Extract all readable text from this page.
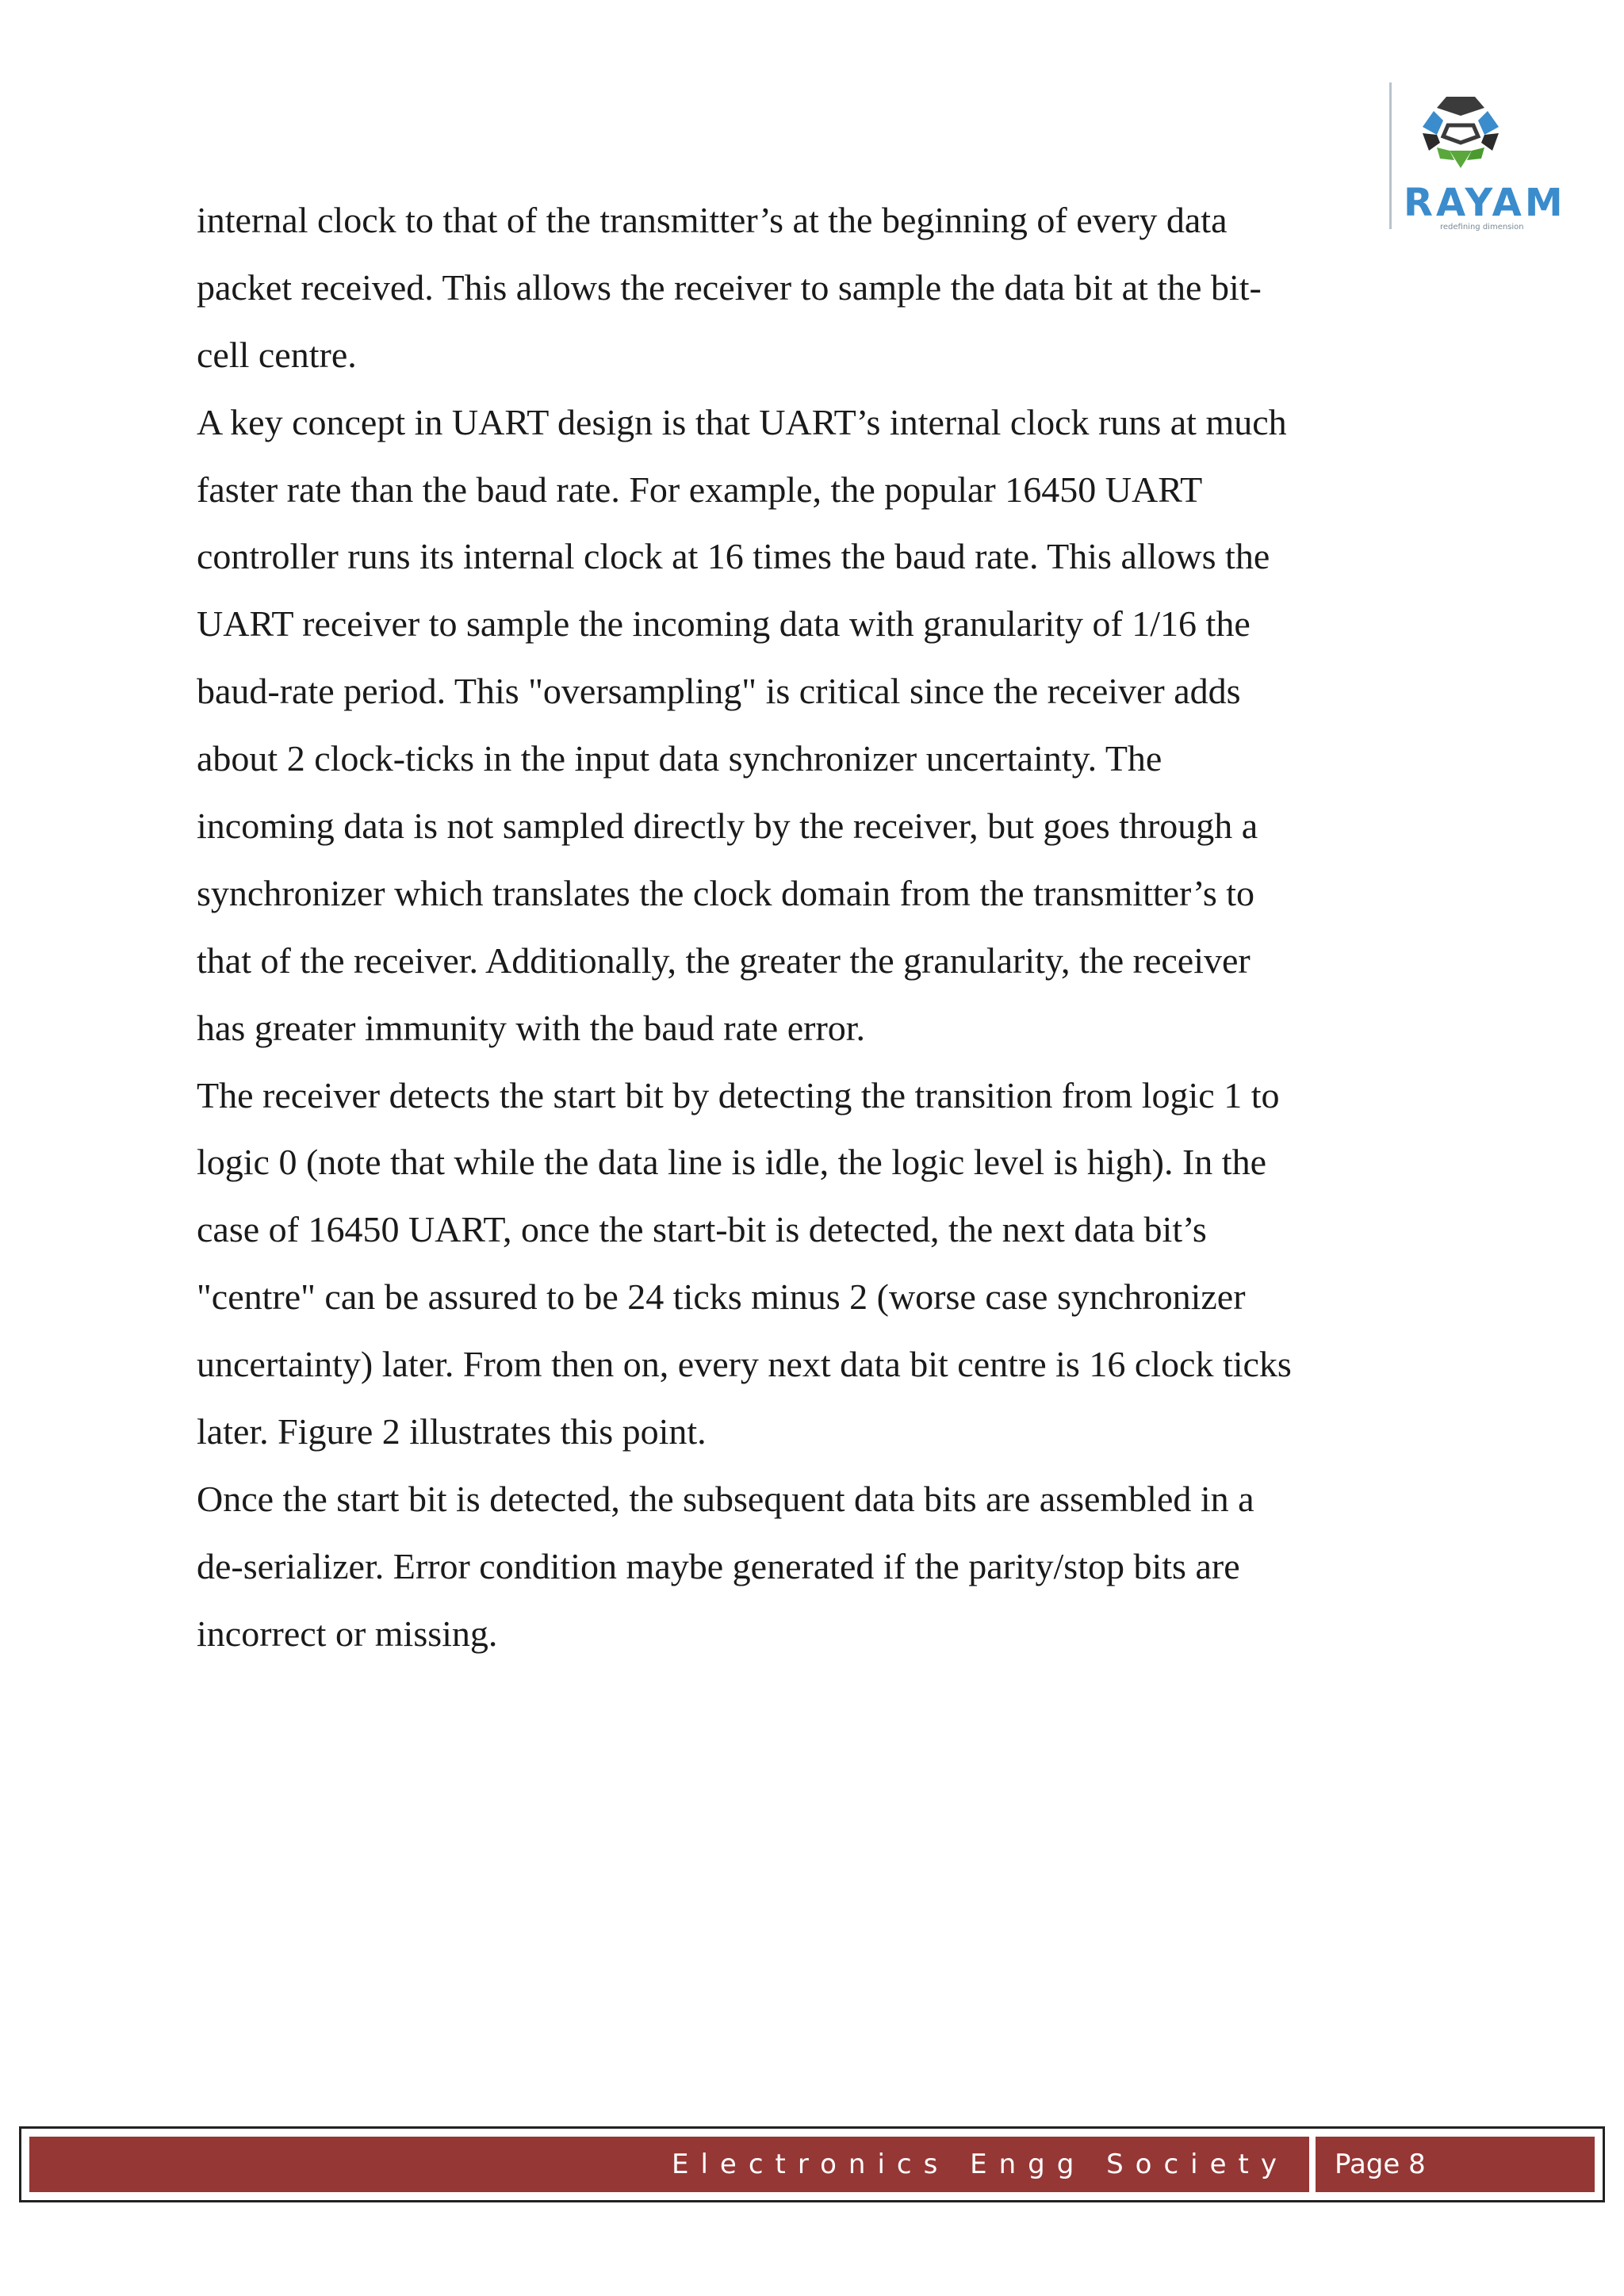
RAYAM
redefining dimension

internal clock to that of the transmitter’s at the beginning of every data

packet received. This allows the receiver to sample the data bit at the bit-

cell centre.

A key concept in UART design is that UART’s internal clock runs at much

faster rate than the baud rate. For example, the popular 16450 UART

controller runs its internal clock at 16 times the baud rate. This allows the

UART receiver to sample the incoming data with granularity of 1/16 the

baud-rate period. This "oversampling" is critical since the receiver adds

about 2 clock-ticks in the input data synchronizer uncertainty. The

incoming data is not sampled directly by the receiver, but goes through a

synchronizer which translates the clock domain from the transmitter’s to

that of the receiver. Additionally, the greater the granularity, the receiver

has greater immunity with the baud rate error.

The receiver detects the start bit by detecting the transition from logic 1 to

logic 0 (note that while the data line is idle, the logic level is high). In the

case of 16450 UART, once the start-bit is detected, the next data bit’s

"centre" can be assured to be 24 ticks minus 2 (worse case synchronizer

uncertainty) later. From then on, every next data bit centre is 16 clock ticks

later. Figure 2 illustrates this point.

Once the start bit is detected, the subsequent data bits are assembled in a

de-serializer. Error condition maybe generated if the parity/stop bits are

incorrect or missing.

Electronics Engg Society	Page 8
